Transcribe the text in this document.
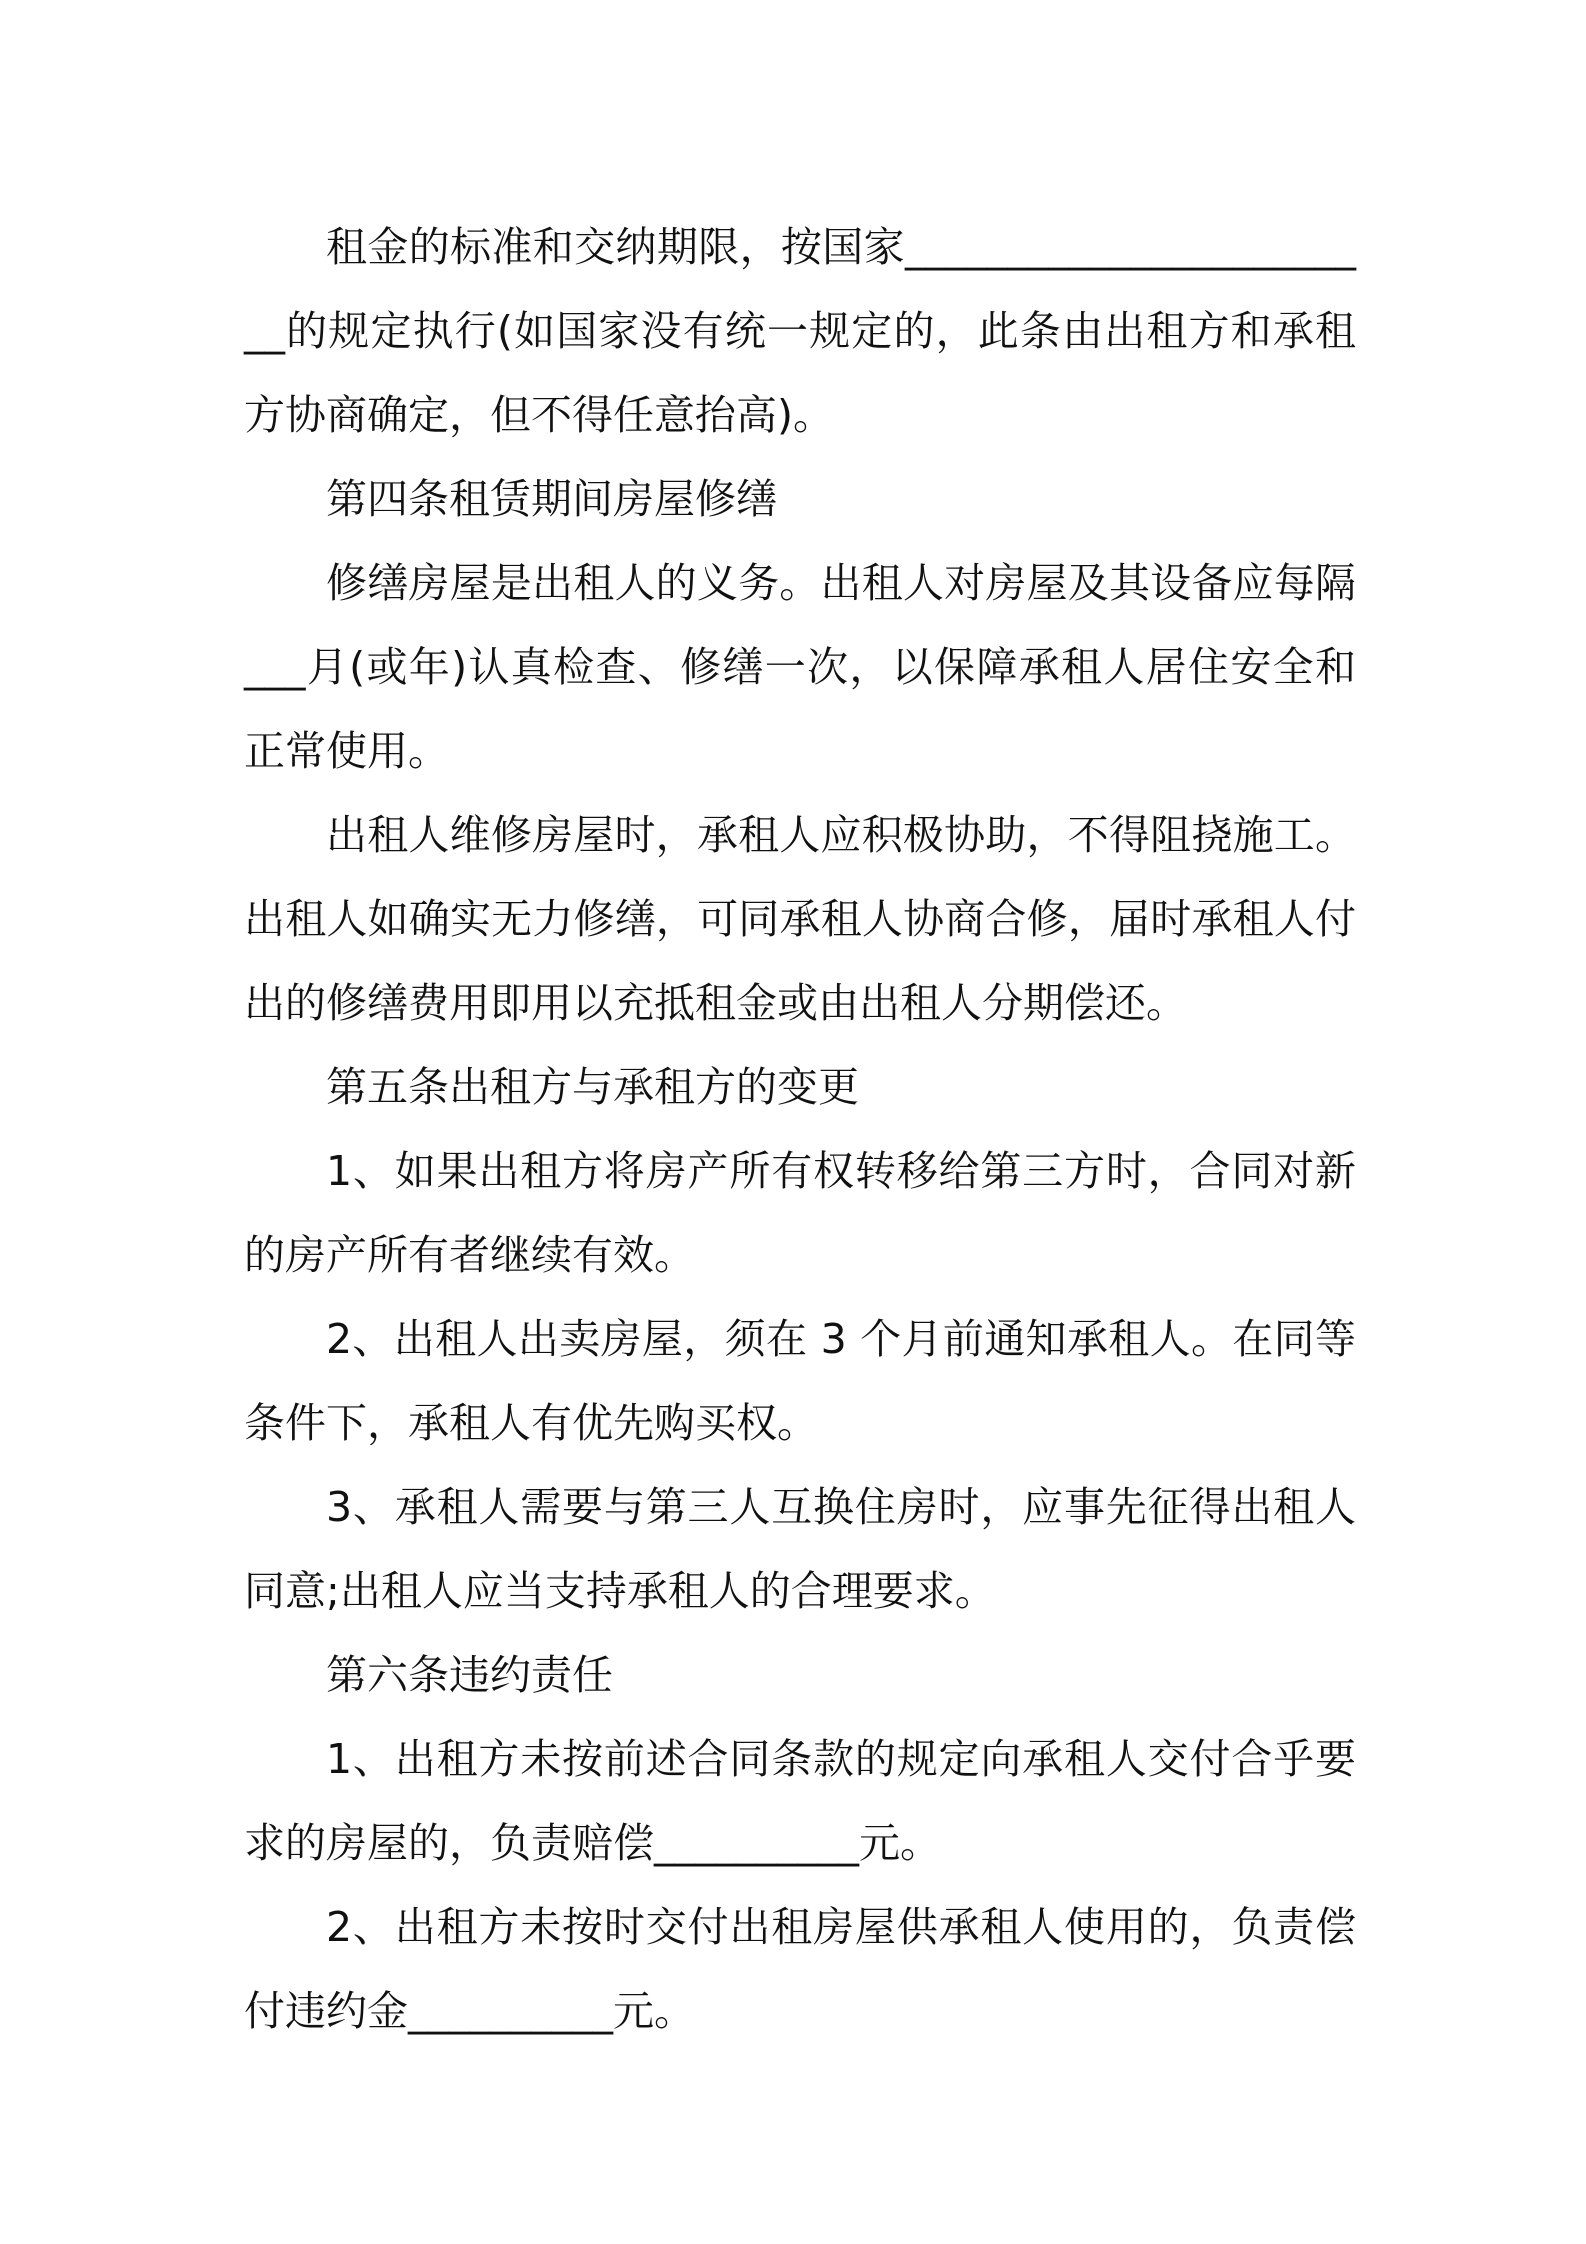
租金的标准和交纳期限，按国家________________________的规定执行(如国家没有统一规定的，此条由出租方和承租方协商确定，但不得任意抬高)。

第四条租赁期间房屋修缮

修缮房屋是出租人的义务。出租人对房屋及其设备应每隔___月(或年)认真检查、修缮一次，以保障承租人居住安全和正常使用。

出租人维修房屋时，承租人应积极协助，不得阻挠施工。出租人如确实无力修缮，可同承租人协商合修，届时承租人付出的修缮费用即用以充抵租金或由出租人分期偿还。

第五条出租方与承租方的变更

1、如果出租方将房产所有权转移给第三方时，合同对新的房产所有者继续有效。

2、出租人出卖房屋，须在 3 个月前通知承租人。在同等条件下，承租人有优先购买权。

3、承租人需要与第三人互换住房时，应事先征得出租人同意;出租人应当支持承租人的合理要求。

第六条违约责任

1、出租方未按前述合同条款的规定向承租人交付合乎要求的房屋的，负责赔偿__________元。

2、出租方未按时交付出租房屋供承租人使用的，负责偿付违约金__________元。
